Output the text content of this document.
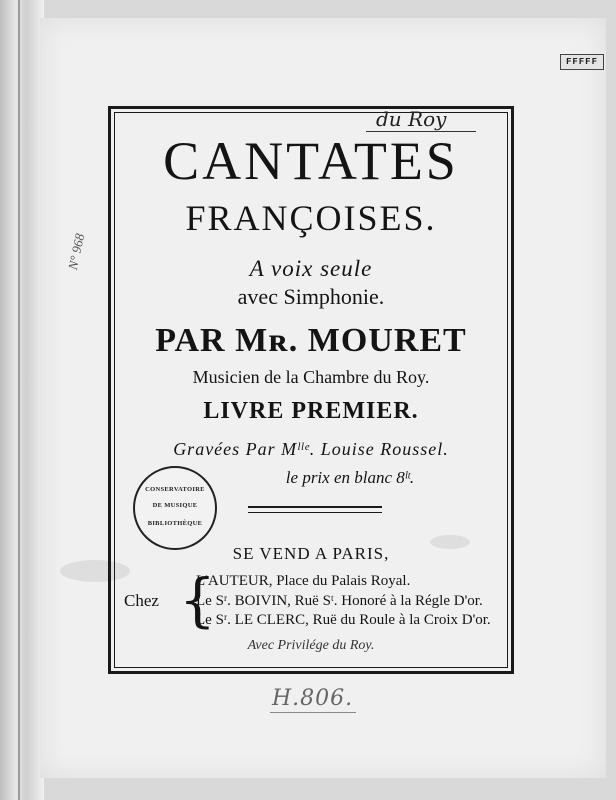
FFFFF
N° 968
du Roy
CANTATES
FRANÇOISES.
A voix seule
avec Simphonie.
PAR Mʀ. MOURET
Musicien de la Chambre du Roy.
LIVRE PREMIER.
Gravées Par Mˡˡᵉ. Louise Roussel.
le prix en blanc 8ˡᵗ.
CONSERVATOIRE
DE MUSIQUE
BIBLIOTHÈQUE
SE VEND A PARIS,
Chez {
L'AUTEUR, Place du Palais Royal.
Le Sʳ. BOIVIN, Ruë Sᵗ. Honoré à la Régle D'or.
Le Sʳ. LE CLERC, Ruë du Roule à la Croix D'or.
Avec Privilége du Roy.
H.806.
